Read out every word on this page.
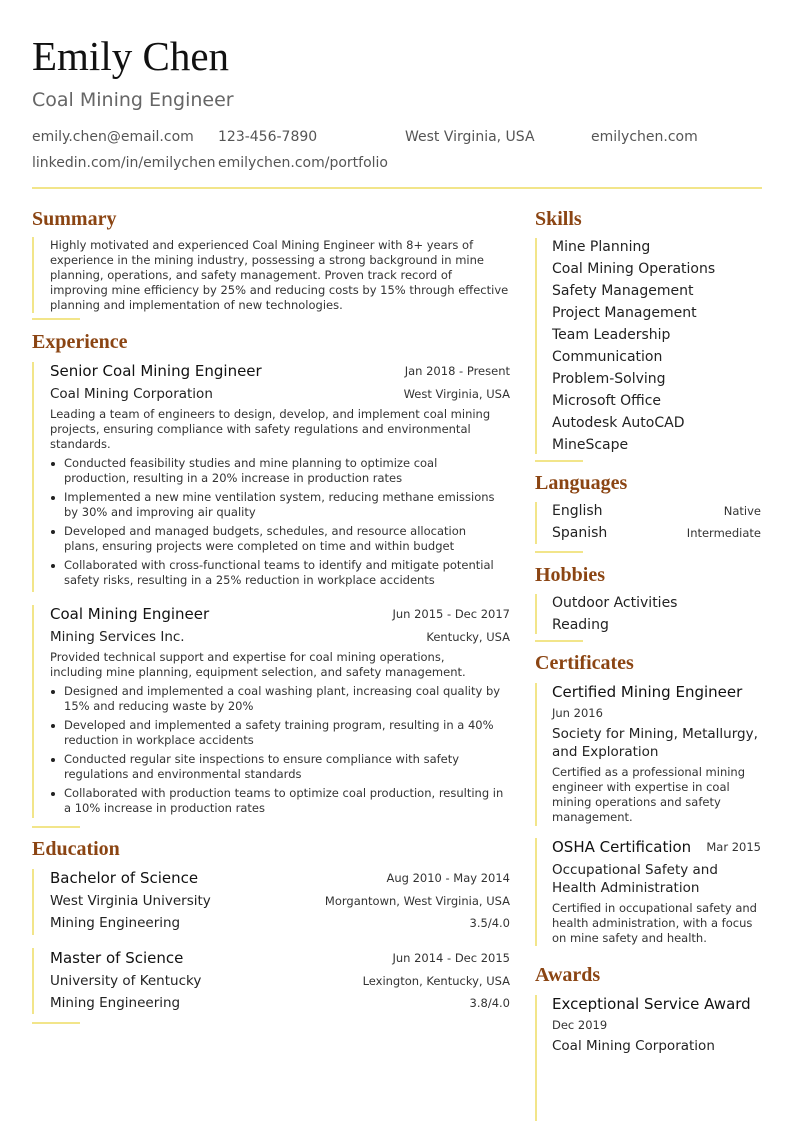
Emily Chen
Coal Mining Engineer
emily.chen@email.com 123-456-7890	West Virginia, USA	emilychen.com
linkedin.com/in/emilychen emilychen.com/portfolio
Summary
Highly motivated and experienced Coal Mining Engineer with 8+ years of experience in the mining industry, possessing a strong background in mine planning, operations, and safety management. Proven track record of improving mine efficiency by 25% and reducing costs by 15% through effective planning and implementation of new technologies.
Experience
Senior Coal Mining Engineer	Jan 2018 - Present
Coal Mining Corporation	West Virginia, USA
Leading a team of engineers to design, develop, and implement coal mining projects, ensuring compliance with safety regulations and environmental standards.
Conducted feasibility studies and mine planning to optimize coal production, resulting in a 20% increase in production rates
Implemented a new mine ventilation system, reducing methane emissions by 30% and improving air quality
Developed and managed budgets, schedules, and resource allocation plans, ensuring projects were completed on time and within budget
Collaborated with cross-functional teams to identify and mitigate potential safety risks, resulting in a 25% reduction in workplace accidents
Coal Mining Engineer	Jun 2015 - Dec 2017
Mining Services Inc.	Kentucky, USA
Provided technical support and expertise for coal mining operations, including mine planning, equipment selection, and safety management.
Designed and implemented a coal washing plant, increasing coal quality by 15% and reducing waste by 20%
Developed and implemented a safety training program, resulting in a 40% reduction in workplace accidents
Conducted regular site inspections to ensure compliance with safety regulations and environmental standards
Collaborated with production teams to optimize coal production, resulting in a 10% increase in production rates
Education
Bachelor of Science	Aug 2010 - May 2014
West Virginia University	Morgantown, West Virginia, USA
Mining Engineering	3.5/4.0
Master of Science	Jun 2014 - Dec 2015
University of Kentucky	Lexington, Kentucky, USA
Mining Engineering	3.8/4.0
Skills
Mine Planning
Coal Mining Operations
Safety Management
Project Management
Team Leadership
Communication
Problem-Solving
Microsoft Office
Autodesk AutoCAD
MineScape
Languages
English	Native
Spanish	Intermediate
Hobbies
Outdoor Activities
Reading
Certificates
Certified Mining Engineer
Jun 2016
Society for Mining, Metallurgy, and Exploration
Certified as a professional mining engineer with expertise in coal mining operations and safety management.
OSHA Certification Mar 2015
Occupational Safety and Health Administration
Certified in occupational safety and health administration, with a focus on mine safety and health.
Awards
Exceptional Service Award
Dec 2019
Coal Mining Corporation
